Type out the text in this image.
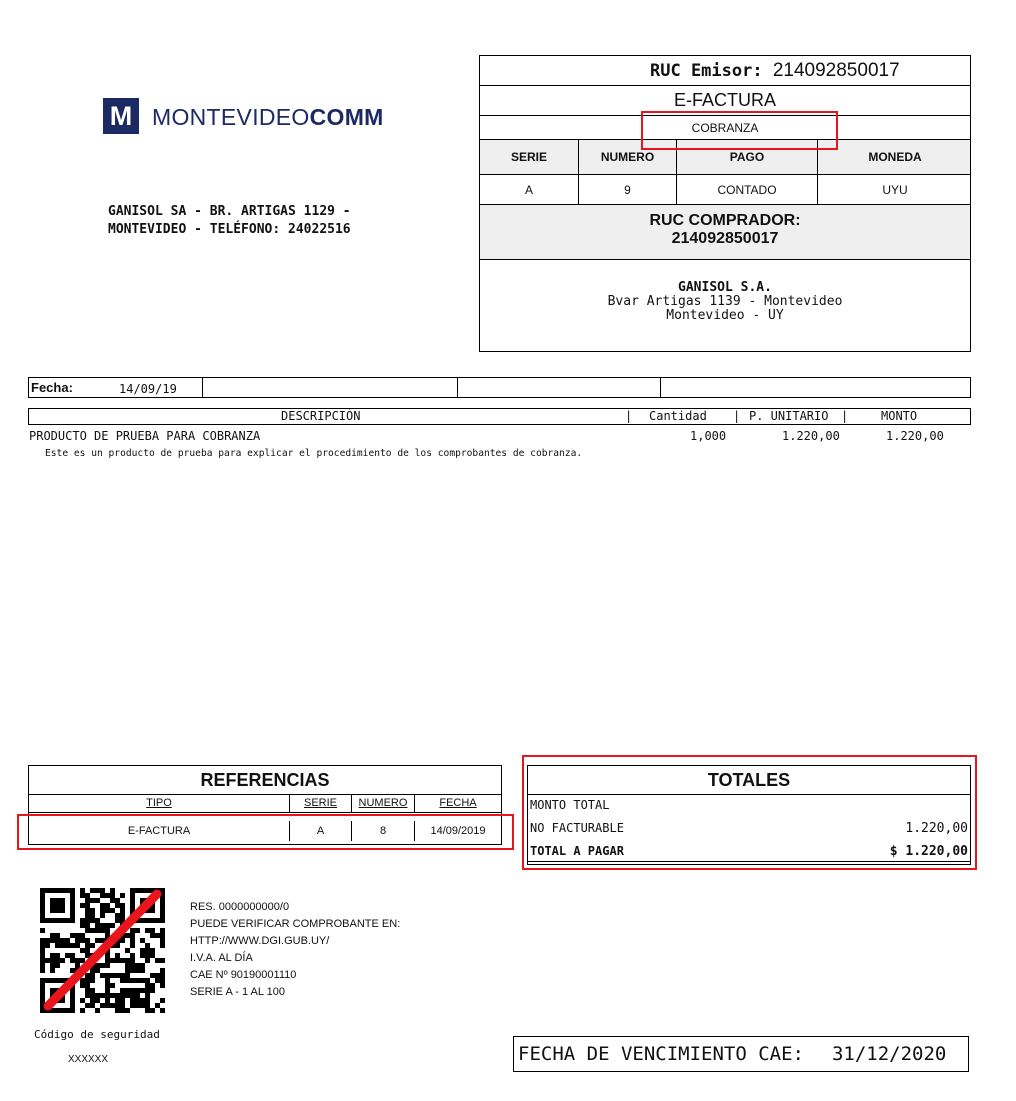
M MONTEVIDEOCOMM
GANISOL SA - BR. ARTIGAS 1129 -
MONTEVIDEO - TELÉFONO: 24022516
RUC Emisor: 214092850017
E-FACTURA
COBRANZA
SERIE	NUMERO	PAGO	MONEDA
A	9	CONTADO	UYU
RUC COMPRADOR:
214092850017
GANISOL S.A.
Bvar Artigas 1139 - Montevideo
Montevideo - UY
Fecha:	14/09/19
DESCRIPCIÓN	| Cantidad | P. UNITARIO |	MONTO
PRODUCTO DE PRUEBA PARA COBRANZA	1,000	1.220,00	1.220,00
Este es un producto de prueba para explicar el procedimiento de los comprobantes de cobranza.
REFERENCIAS
TIPO	SERIE	NUMERO	FECHA
E-FACTURA	A	8	14/09/2019
TOTALES
MONTO TOTAL
NO FACTURABLE	1.220,00
TOTAL A PAGAR	$ 1.220,00
RES. 0000000000/0
PUEDE VERIFICAR COMPROBANTE EN:
HTTP://WWW.DGI.GUB.UY/
I.V.A. AL DÍA
CAE Nº 90190001110
SERIE A - 1 AL 100
Código de seguridad
XXXXXX	FECHA DE VENCIMIENTO CAE: 31/12/2020
